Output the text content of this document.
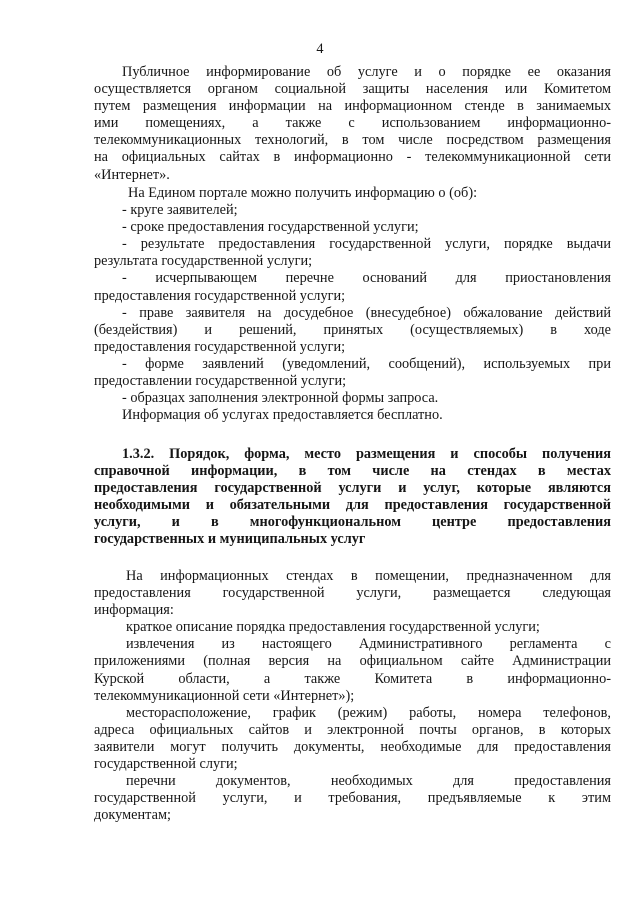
4
Публичное информирование об услуге и о порядке ее оказания
осуществляется органом социальной защиты населения или Комитетом
путем размещения информации на информационном стенде в занимаемых
ими помещениях, а также с использованием информационно-
телекоммуникационных технологий, в том числе посредством размещения
на официальных сайтах в информационно - телекоммуникационной сети
«Интернет».
На Едином портале можно получить информацию о (об):
- круге заявителей;
- сроке предоставления государственной услуги;
- результате предоставления государственной услуги, порядке выдачи
результата государственной услуги;
- исчерпывающем перечне оснований для приостановления
предоставления государственной услуги;
- праве заявителя на досудебное (внесудебное) обжалование действий
(бездействия) и решений, принятых (осуществляемых) в ходе
предоставления государственной услуги;
- форме заявлений (уведомлений, сообщений), используемых при
предоставлении государственной услуги;
- образцах заполнения электронной формы запроса.
Информация об услугах предоставляется бесплатно.
1.3.2. Порядок, форма, место размещения и способы получения
справочной информации, в том числе на стендах в местах
предоставления государственной услуги и услуг, которые являются
необходимыми и обязательными для предоставления государственной
услуги, и в многофункциональном центре предоставления
государственных и муниципальных услуг
На информационных стендах в помещении, предназначенном для
предоставления государственной услуги, размещается следующая
информация:
краткое описание порядка предоставления государственной услуги;
извлечения из настоящего Административного регламента с
приложениями (полная версия на официальном сайте Администрации
Курской области, а также Комитета в информационно-
телекоммуникационной сети «Интернет»);
месторасположение, график (режим) работы, номера телефонов,
адреса официальных сайтов и электронной почты органов, в которых
заявители могут получить документы, необходимые для предоставления
государственной слуги;
перечни документов, необходимых для предоставления
государственной услуги, и требования, предъявляемые к этим
документам;
